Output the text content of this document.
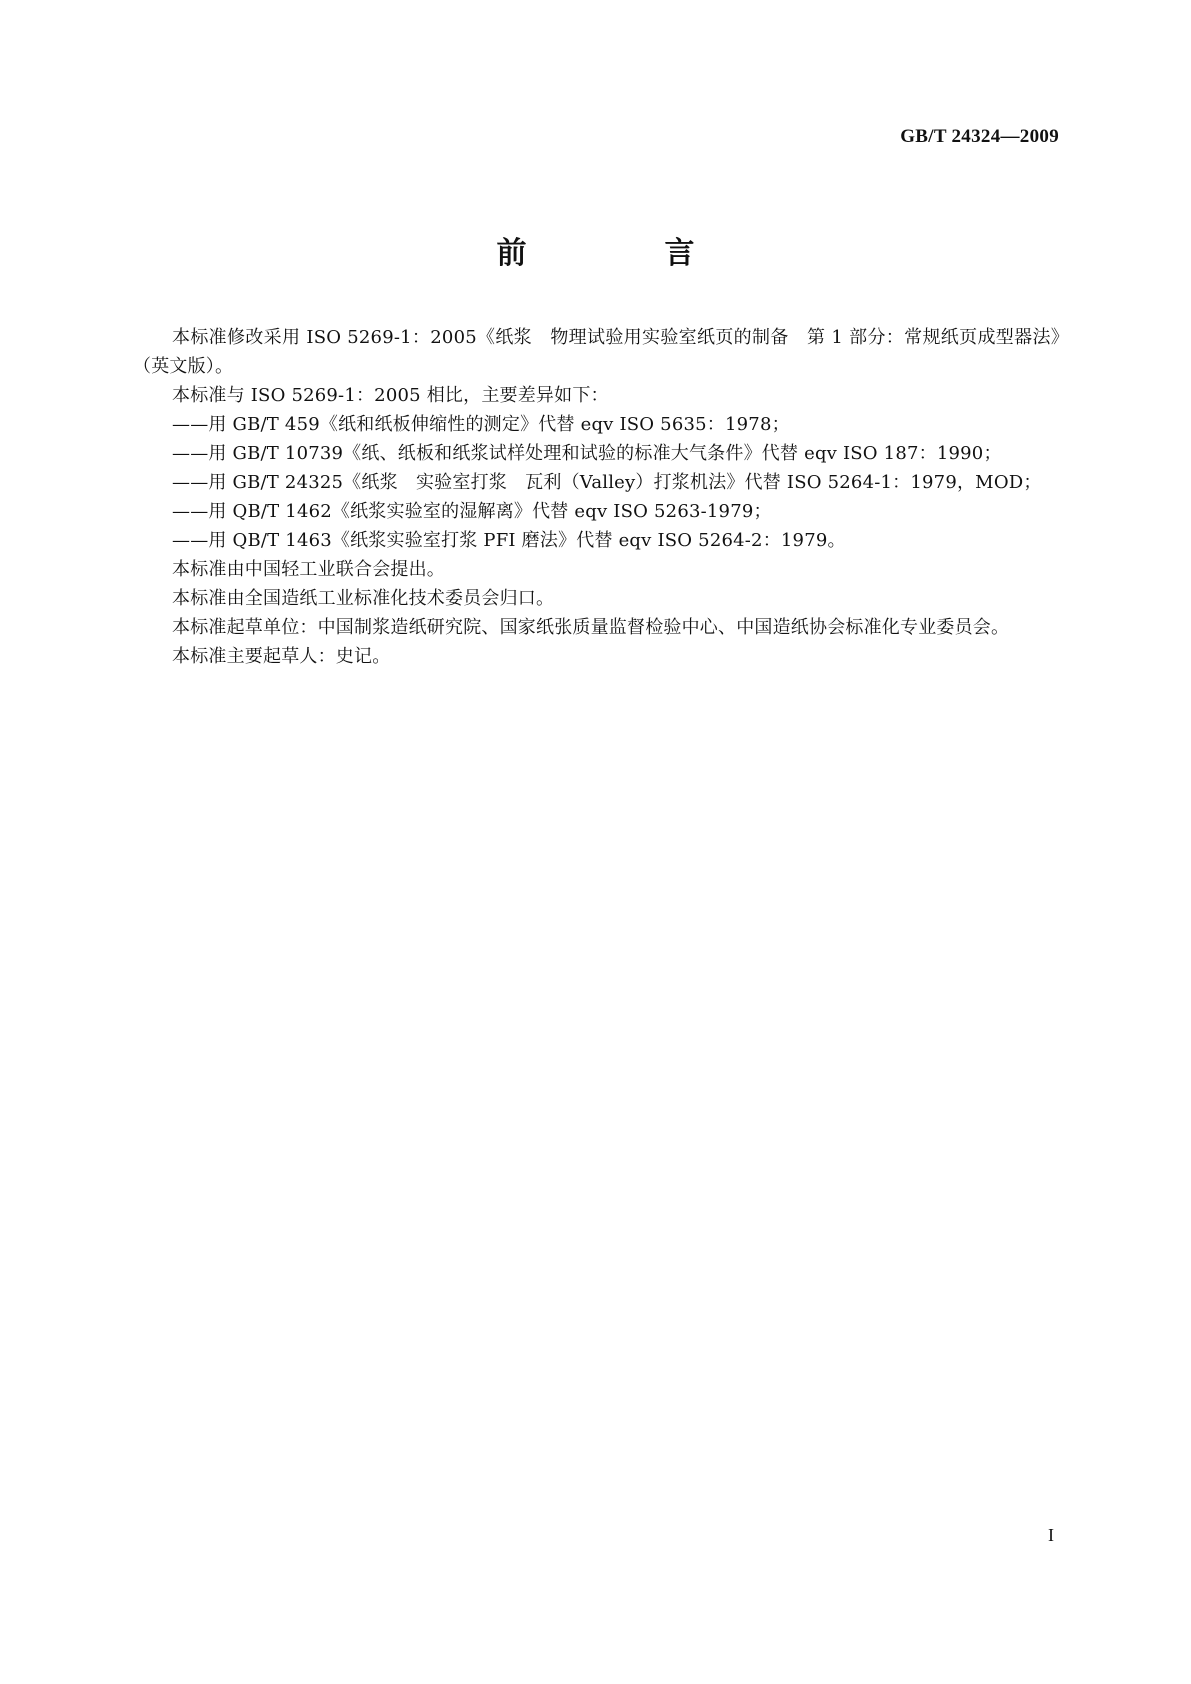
GB/T 24324—2009
前　言

本标准修改采用 ISO 5269-1：2005《纸浆　物理试验用实验室纸页的制备　第 1 部分：常规纸页成型器法》（英文版）。

本标准与 ISO 5269-1：2005 相比，主要差异如下：

——用 GB/T 459《纸和纸板伸缩性的测定》代替 eqv ISO 5635：1978；

——用 GB/T 10739《纸、纸板和纸浆试样处理和试验的标准大气条件》代替 eqv ISO 187：1990；

——用 GB/T 24325《纸浆　实验室打浆　瓦利（Valley）打浆机法》代替 ISO 5264-1：1979，MOD；

——用 QB/T 1462《纸浆实验室的湿解离》代替 eqv ISO 5263-1979；

——用 QB/T 1463《纸浆实验室打浆 PFI 磨法》代替 eqv ISO 5264-2：1979。

本标准由中国轻工业联合会提出。

本标准由全国造纸工业标准化技术委员会归口。

本标准起草单位：中国制浆造纸研究院、国家纸张质量监督检验中心、中国造纸协会标准化专业委员会。

本标准主要起草人：史记。

I
